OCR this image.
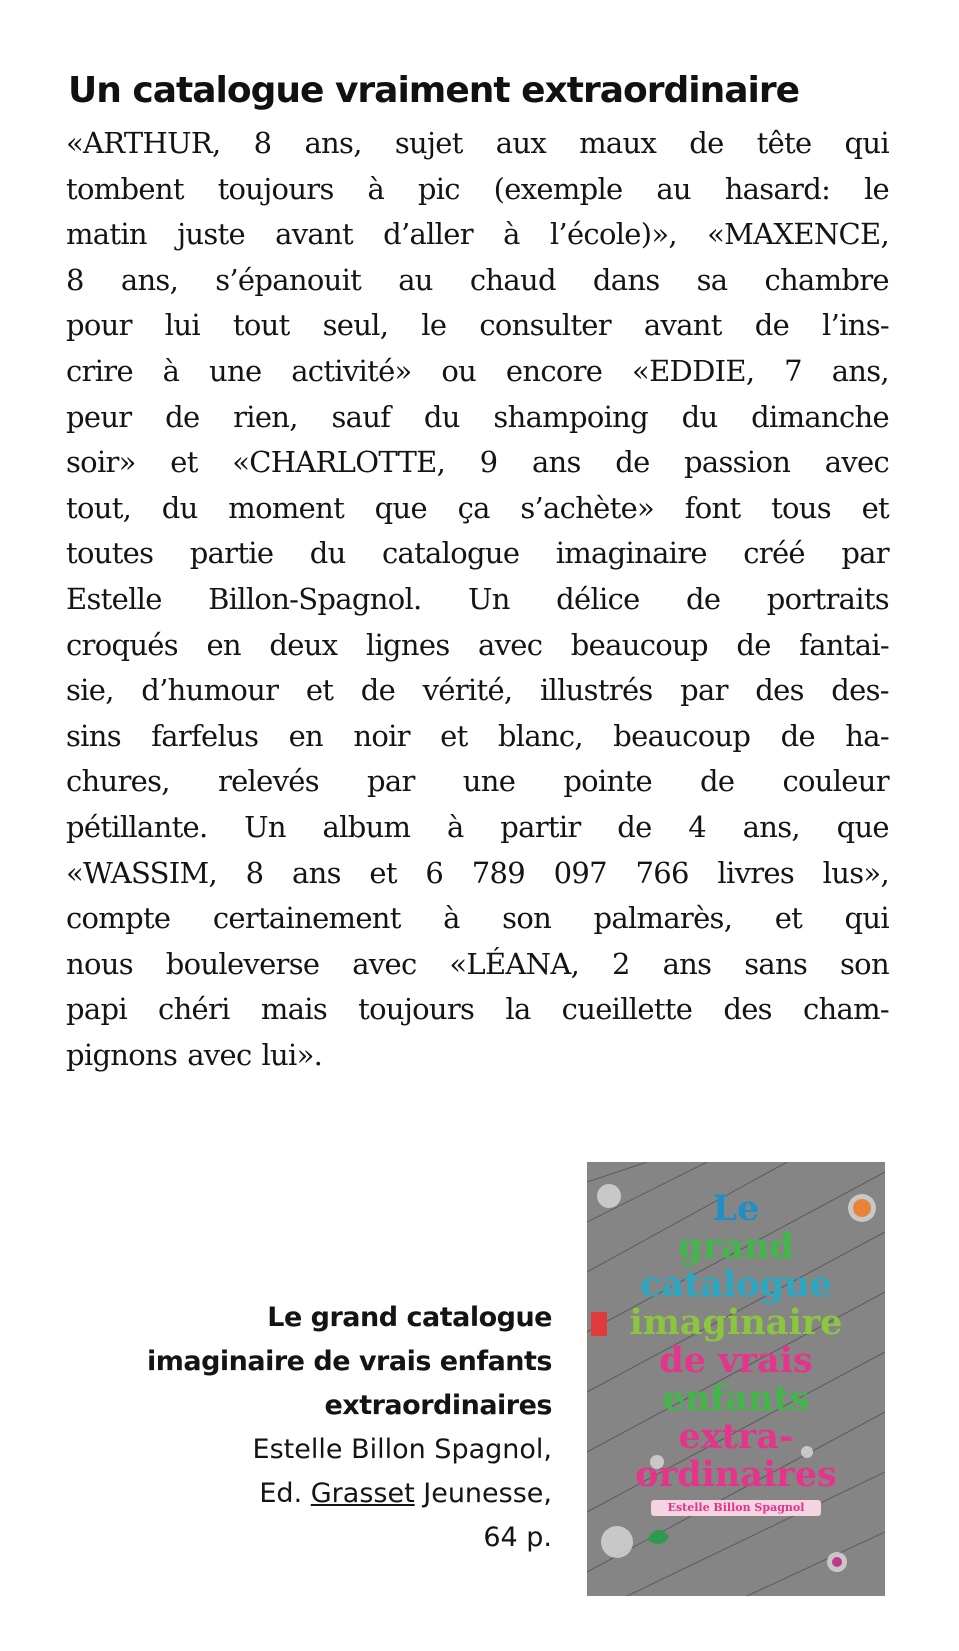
Un catalogue vraiment extraordinaire
«ARTHUR, 8 ans, sujet aux maux de tête qui
tombent toujours à pic (exemple au hasard: le
matin juste avant d’aller à l’école)», «MAXENCE,
8 ans, s’épanouit au chaud dans sa chambre
pour lui tout seul, le consulter avant de l’ins-
crire à une activité» ou encore «EDDIE, 7 ans,
peur de rien, sauf du shampoing du dimanche
soir» et «CHARLOTTE, 9 ans de passion avec
tout, du moment que ça s’achète» font tous et
toutes partie du catalogue imaginaire créé par
Estelle Billon-Spagnol. Un délice de portraits
croqués en deux lignes avec beaucoup de fantai-
sie, d’humour et de vérité, illustrés par des des-
sins farfelus en noir et blanc, beaucoup de ha-
chures, relevés par une pointe de couleur
pétillante. Un album à partir de 4 ans, que
«WASSIM, 8 ans et 6 789 097 766 livres lus»,
compte certainement à son palmarès, et qui
nous bouleverse avec «LÉANA, 2 ans sans son
papi chéri mais toujours la cueillette des cham-
pignons avec lui».
Le grand catalogue
imaginaire de vrais enfants
extraordinaires
Estelle Billon Spagnol,
Ed. Grasset Jeunesse,
64 p.
Le
grand
catalogue
imaginaire
de vrais
enfants
extra-
ordinaires
Estelle Billon Spagnol
